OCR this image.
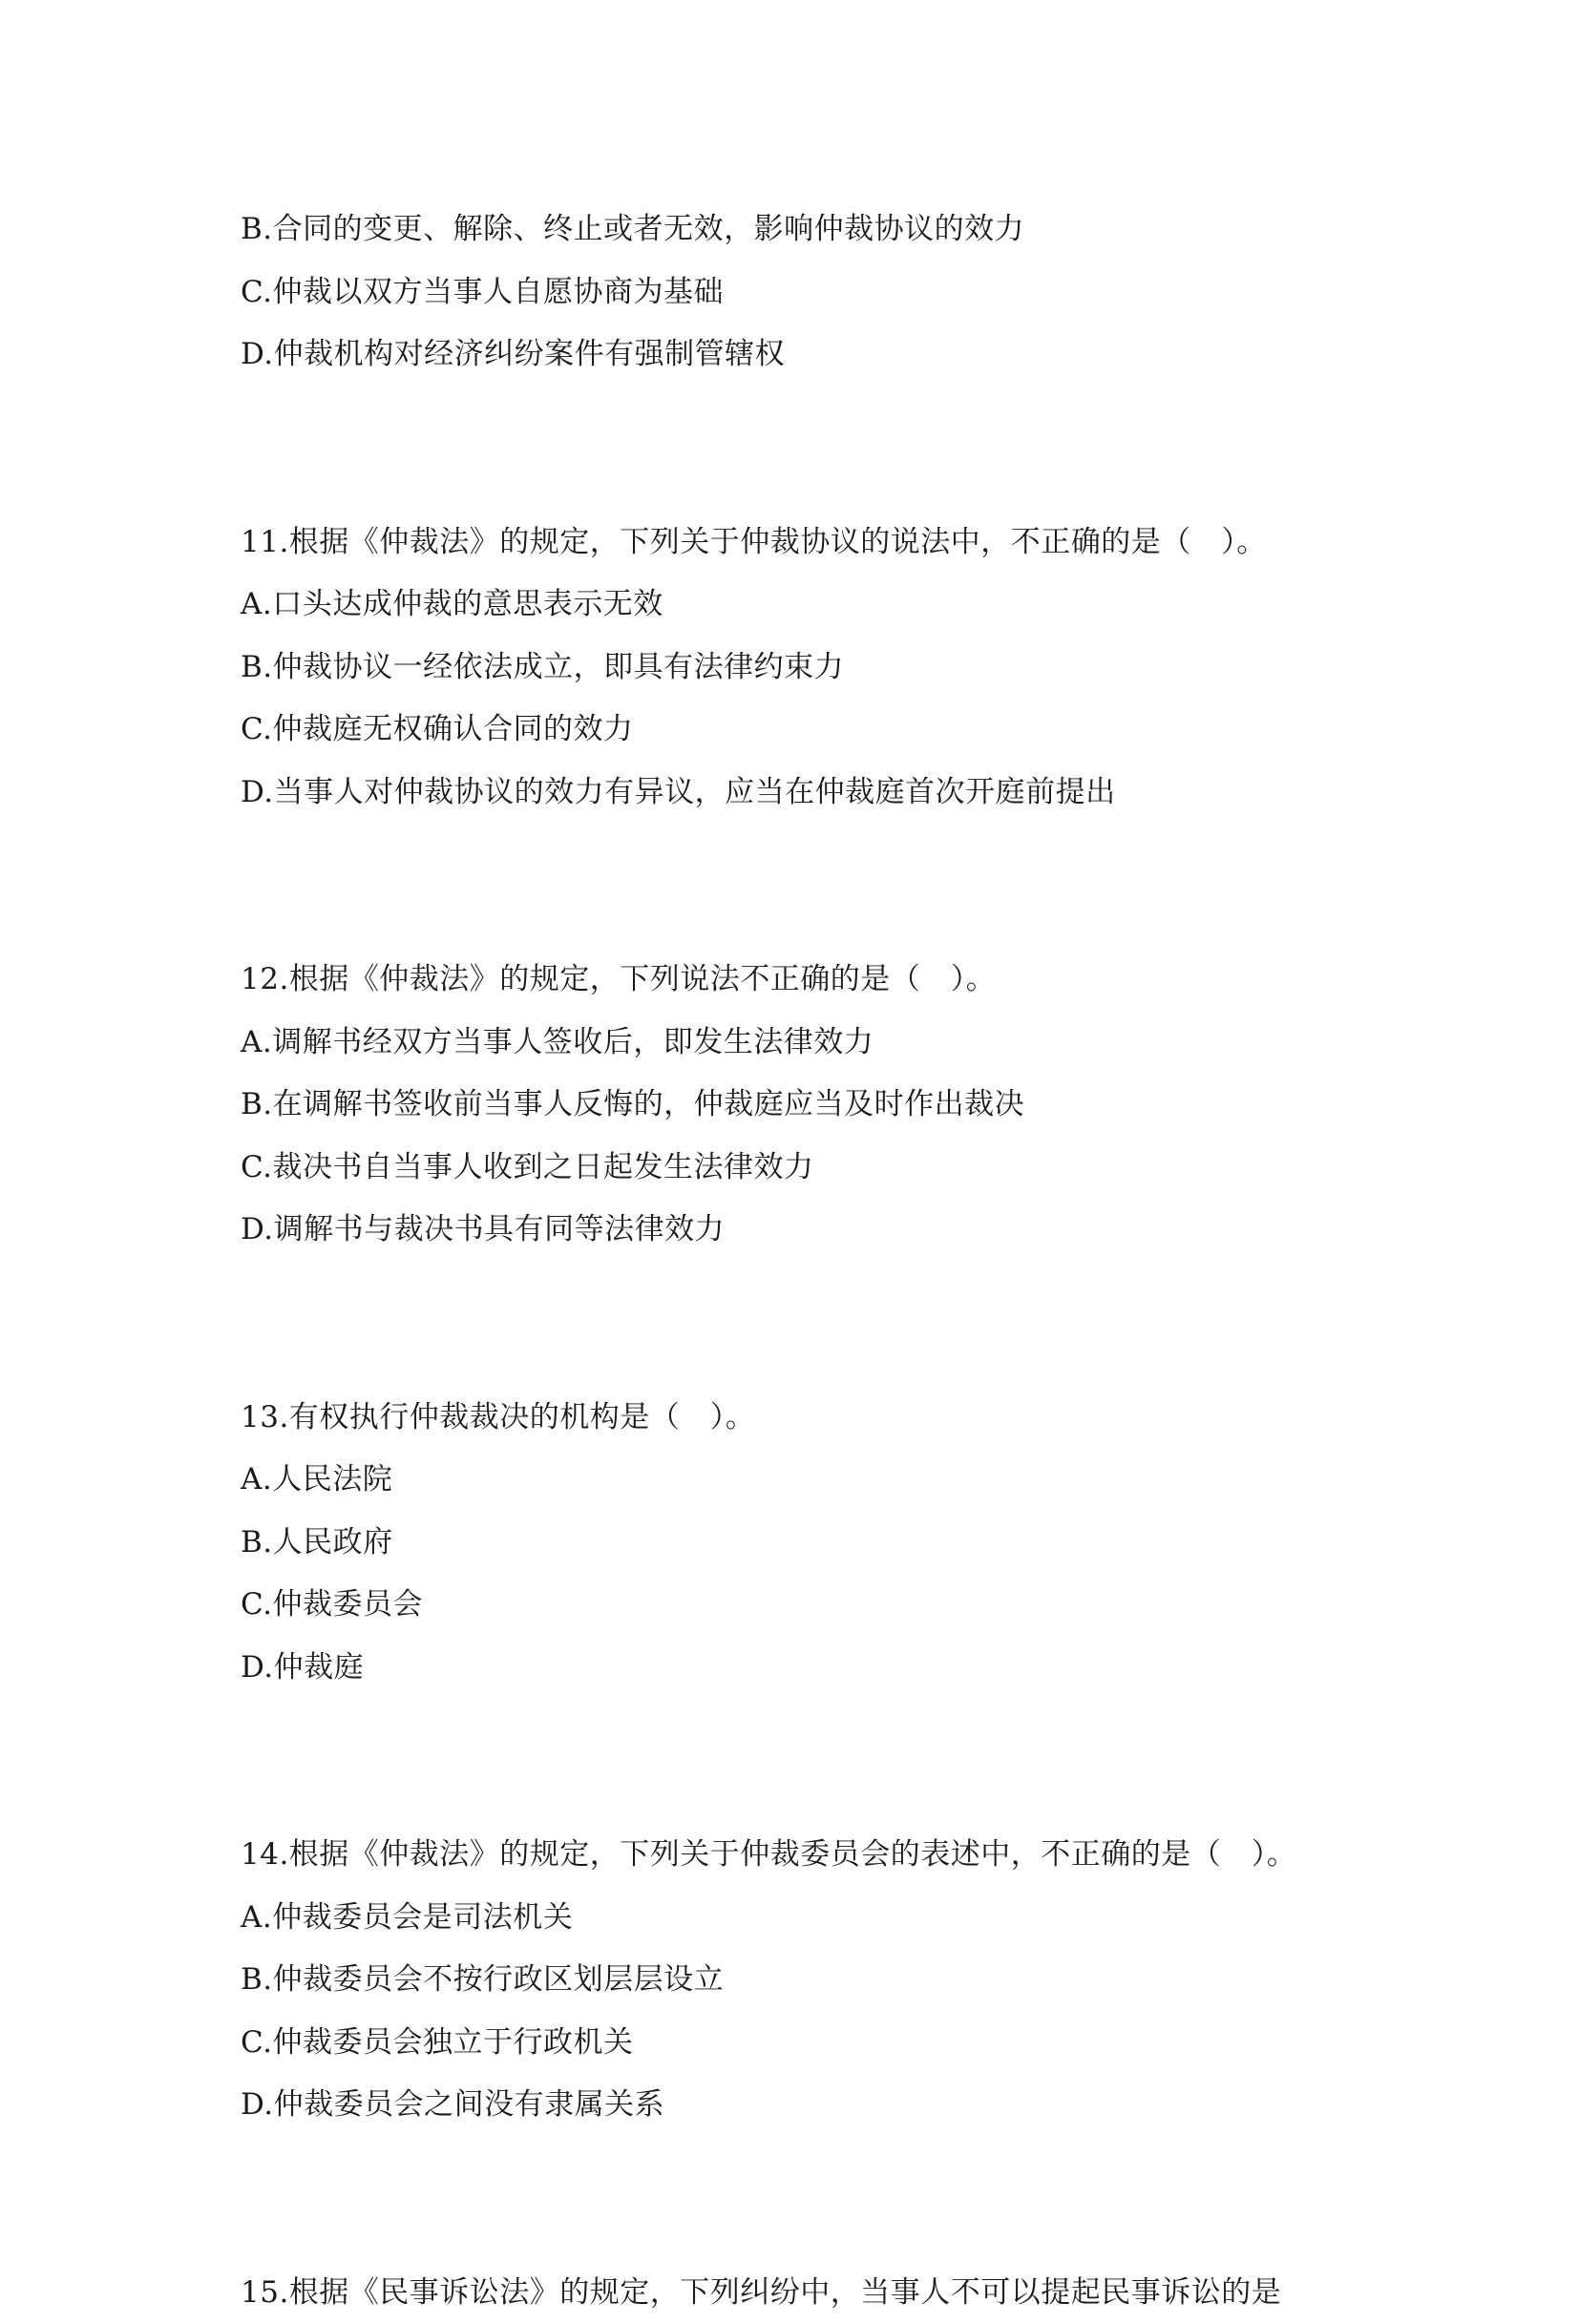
B.合同的变更、解除、终止或者无效，影响仲裁协议的效力
C.仲裁以双方当事人自愿协商为基础
D.仲裁机构对经济纠纷案件有强制管辖权
11.根据《仲裁法》的规定，下列关于仲裁协议的说法中，不正确的是（　）。
A.口头达成仲裁的意思表示无效
B.仲裁协议一经依法成立，即具有法律约束力
C.仲裁庭无权确认合同的效力
D.当事人对仲裁协议的效力有异议，应当在仲裁庭首次开庭前提出
12.根据《仲裁法》的规定，下列说法不正确的是（　）。
A.调解书经双方当事人签收后，即发生法律效力
B.在调解书签收前当事人反悔的，仲裁庭应当及时作出裁决
C.裁决书自当事人收到之日起发生法律效力
D.调解书与裁决书具有同等法律效力
13.有权执行仲裁裁决的机构是（　）。
A.人民法院
B.人民政府
C.仲裁委员会
D.仲裁庭
14.根据《仲裁法》的规定，下列关于仲裁委员会的表述中，不正确的是（　）。
A.仲裁委员会是司法机关
B.仲裁委员会不按行政区划层层设立
C.仲裁委员会独立于行政机关
D.仲裁委员会之间没有隶属关系
15.根据《民事诉讼法》的规定，下列纠纷中，当事人不可以提起民事诉讼的是
